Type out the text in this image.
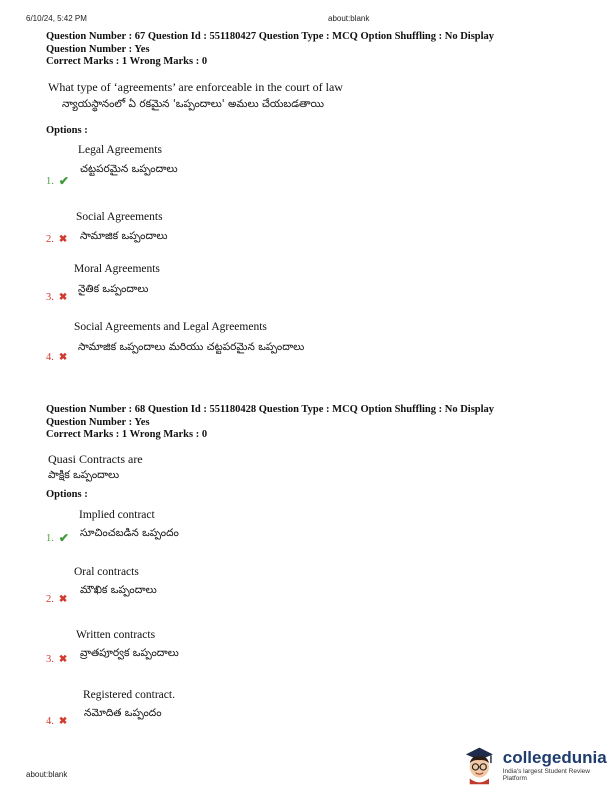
6/10/24, 5:42 PM	about:blank
Question Number : 67 Question Id : 551180427 Question Type : MCQ Option Shuffling : No Display
Question Number : Yes
Correct Marks : 1 Wrong Marks : 0
What type of ‘agreements’ are enforceable in the court of law
న్యాయస్థానంలో ఏ రకమైన 'ఒప్పందాలు' అమలు చేయబడతాయి
Options :
Legal Agreements
చట్టపరమైన ఒప్పందాలు
1. ✔
Social Agreements
సామాజిక ఒప్పందాలు
2. ✖
Moral Agreements
నైతిక ఒప్పందాలు
3. ✖
Social Agreements and Legal Agreements
సామాజిక ఒప్పందాలు మరియు చట్టపరమైన ఒప్పందాలు
4. ✖
Question Number : 68 Question Id : 551180428 Question Type : MCQ Option Shuffling : No Display
Question Number : Yes
Correct Marks : 1 Wrong Marks : 0
Quasi Contracts are
పాక్షిక ఒప్పందాలు
Options :
Implied contract
సూచించబడిన ఒప్పందం
1. ✔
Oral contracts
మౌఖిక ఒప్పందాలు
2. ✖
Written contracts
వ్రాతపూర్వక ఒప్పందాలు
3. ✖
Registered contract.
నమోదిత ఒప్పందం
4. ✖
about:blank
collegedunia
India's largest Student Review Platform
